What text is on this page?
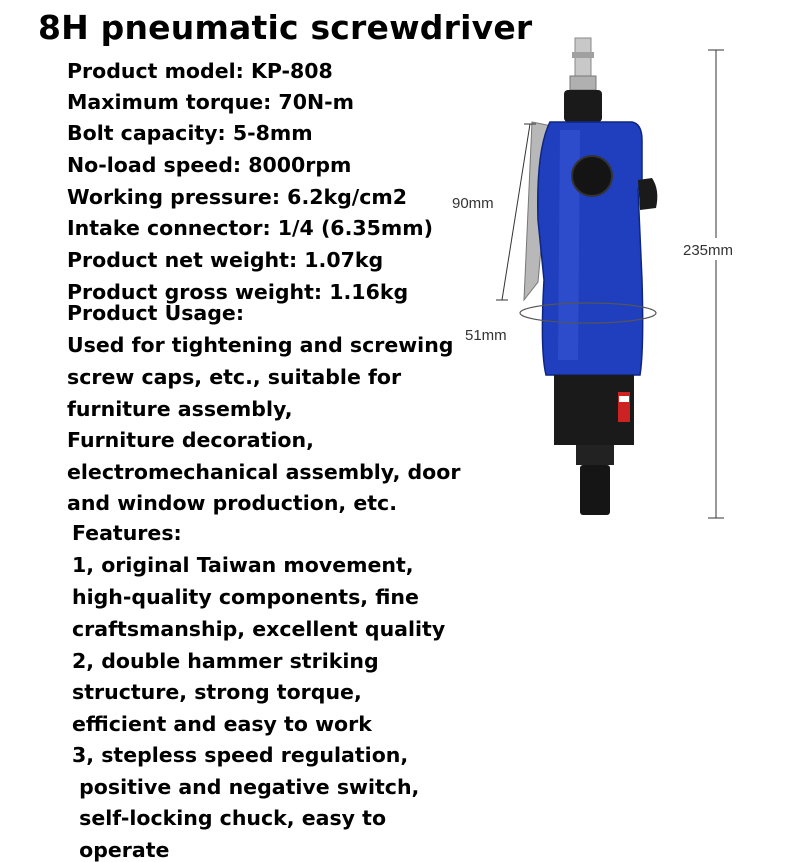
8H pneumatic screwdriver
Product model: KP-808
Maximum torque: 70N-m
Bolt capacity: 5-8mm
No-load speed: 8000rpm
Working pressure: 6.2kg/cm2
Intake connector: 1/4 (6.35mm)
Product net weight: 1.07kg
Product gross weight: 1.16kg
Product Usage:
Used for tightening and screwing
screw caps, etc., suitable for
furniture assembly,
Furniture decoration,
electromechanical assembly, door
and window production, etc.
Features:
1, original Taiwan movement,
high-quality components, fine
craftsmanship, excellent quality
2, double hammer striking
structure, strong torque,
efficient and easy to work
3, stepless speed regulation,
positive and negative switch,
self-locking chuck, easy to
operate
90mm
235mm
51mm
